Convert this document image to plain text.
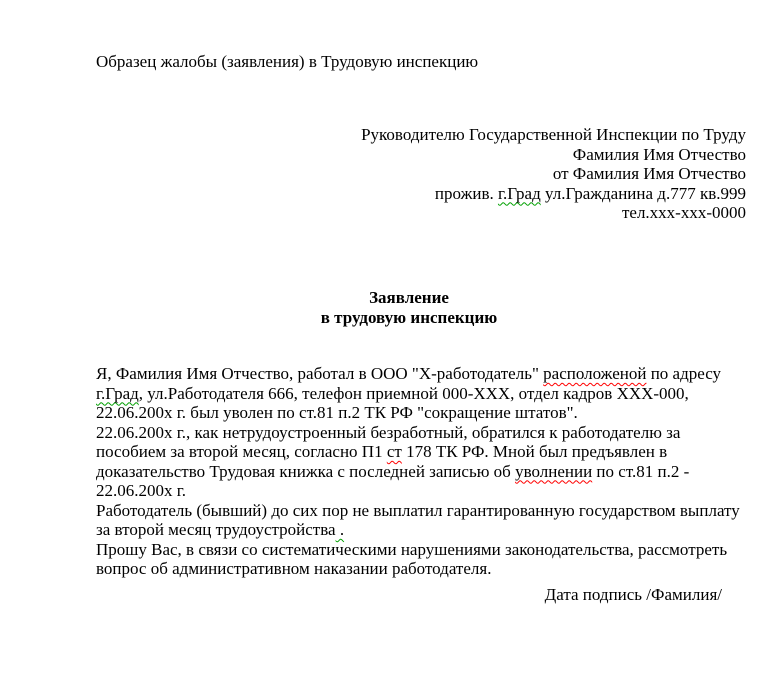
Образец жалобы (заявления) в Трудовую инспекцию
Руководителю Государственной Инспекции по Труду
Фамилия Имя Отчество
от Фамилия Имя Отчество
прожив. г.Град ул.Гражданина д.777 кв.999
тел.ххх-ххх-0000
Заявление
в трудовую инспекцию
Я, Фамилия Имя Отчество, работал в ООО "Х-работодатель" расположеной по адресу
г.Град, ул.Работодателя 666, телефон приемной 000-ХХХ, отдел кадров ХХХ-000,
22.06.200х г. был уволен по ст.81 п.2 ТК РФ "сокращение штатов".
22.06.200х г., как нетрудоустроенный безработный, обратился к работодателю за
пособием за второй месяц, согласно П1 ст 178 ТК РФ. Мной был предъявлен в
доказательство Трудовая книжка с последней записью об уволнении по ст.81 п.2 -
22.06.200х г.
Работодатель (бывший) до сих пор не выплатил гарантированную государством выплату
за второй месяц трудоустройства .
Прошу Вас, в связи со систематическими нарушениями законодательства, рассмотреть
вопрос об административном наказании работодателя.
Дата подпись /Фамилия/
